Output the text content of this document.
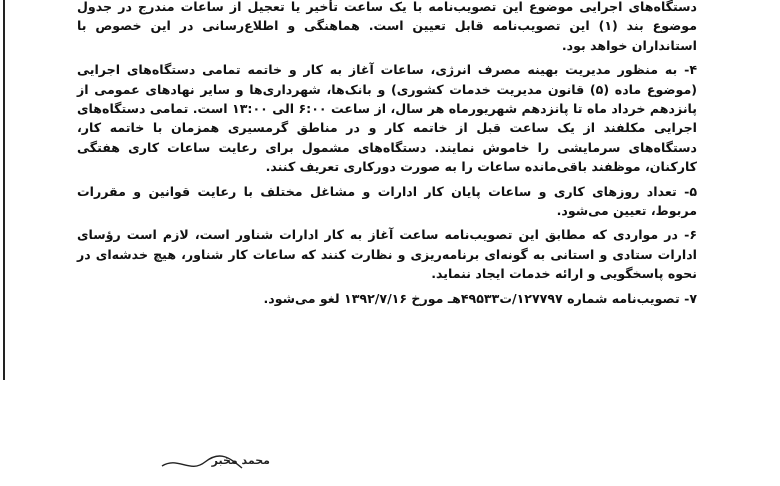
دستگاه‌های اجرایی موضوع این تصویب‌نامه با یک ساعت تأخیر یا تعجیل از ساعات مندرج در جدول موضوع بند (۱) این تصویب‌نامه قابل تعیین است. هماهنگی و اطلاع‌رسانی در این خصوص با استانداران خواهد بود.

۴- به منظور مدیریت بهینه مصرف انرژی، ساعات آغاز به کار و خاتمه تمامی دستگاه‌های اجرایی (موضوع ماده (۵) قانون مدیریت خدمات کشوری) و بانک‌ها، شهرداری‌ها و سایر نهادهای عمومی از پانزدهم خرداد ماه تا پانزدهم شهریورماه هر سال، از ساعت ۶:۰۰ الی ۱۳:۰۰ است. تمامی دستگاه‌های اجرایی مکلفند از یک ساعت قبل از خاتمه کار و در مناطق گرمسیری همزمان با خاتمه کار، دستگاه‌های سرمایشی را خاموش نمایند. دستگاه‌های مشمول برای رعایت ساعات کاری هفتگی کارکنان، موظفند باقی‌مانده ساعات را به صورت دورکاری تعریف کنند.

۵- تعداد روزهای کاری و ساعات پایان کار ادارات و مشاغل مختلف با رعایت قوانین و مقررات مربوط، تعیین می‌شود.

۶- در مواردی که مطابق این تصویب‌نامه ساعت آغاز به کار ادارات شناور است، لازم است رؤسای ادارات ستادی و استانی به گونه‌ای برنامه‌ریزی و نظارت کنند که ساعات کار شناور، هیچ خدشه‌ای در نحوه پاسخگویی و ارائه خدمات ایجاد ننماید.

۷- تصویب‌نامه شماره ۱۲۷۷۹۷/ت۴۹۵۳۳هـ مورخ ۱۳۹۲/۷/۱۶ لغو می‌شود.

محمد مخبر
